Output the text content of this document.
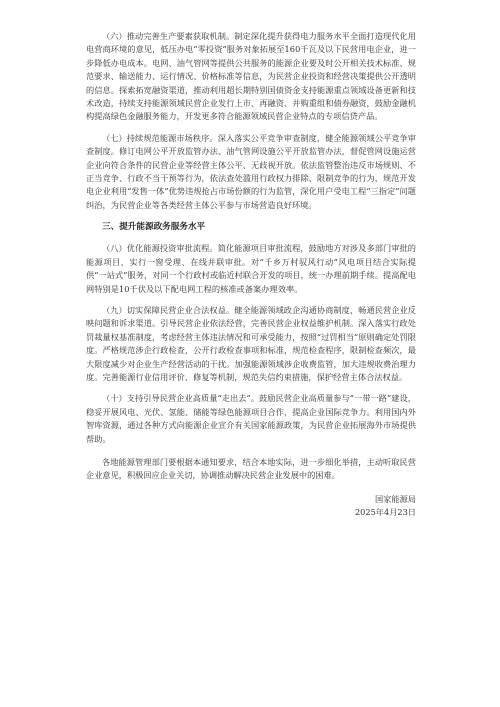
（六）推动完善生产要素获取机制。制定深化提升获得电力服务水平全面打造现代化用电营商环境的意见，低压办电“零投资”服务对象拓展至160千瓦及以下民营用电企业，进一步降低办电成本。电网、油气管网等提供公共服务的能源企业要及时公开相关技术标准、规范要求、输送能力、运行情况、价格标准等信息，为民营企业投资和经营决策提供公开透明的信息。探索拓宽融资渠道，推动利用超长期特别国债资金支持能源重点领域设备更新和技术改造，持续支持能源领域民营企业发行上市、再融资、并购重组和债券融资，鼓励金融机构提高绿色金融服务能力，开发更多符合能源领域民营企业特点的专项信贷产品。

（七）持续规范能源市场秩序。深入落实公平竞争审查制度，健全能源领域公平竞争审查制度。修订电网公平开放监管办法、油气管网设施公平开放监管办法，督促管网设施运营企业向符合条件的民营企业等经营主体公平、无歧视开放。依法监管整治违反市场规则、不正当竞争、行政不当干预等行为，依法查处滥用行政权力排除、限制竞争的行为，规范开发电企业利用“发售一体”优势违规抢占市场份额的行为监管，深化用户受电工程“三指定”问题纠治，为民营企业等各类经营主体公平参与市场营造良好环境。

三、提升能源政务服务水平

（八）优化能源投资审批流程。简化能源项目审批流程，鼓励地方对涉及多部门审批的能源项目，实行一窗受理、在线并联审批。对“千乡万村驭风行动”风电项目结合实际提供“一站式”服务，对同一个行政村或临近村联合开发的项目，统一办理前期手续。提高配电网特别是10千伏及以下配电网工程的核准或备案办理效率。

（九）切实保障民营企业合法权益。健全能源领域政企沟通协商制度，畅通民营企业反映问题和诉求渠道。引导民营企业依法经营，完善民营企业权益维护机制。深入落实行政处罚裁量权基准制度，考虑经营主体违法情况和可承受能力，按照“过罚相当”原则确定处罚限度。严格规范涉企行政检查，公开行政检查事项和标准，规范检查程序，限制检查频次，最大限度减少对企业生产经营活动的干扰。加强能源领域涉企收费监管，加大违规收费治理力度。完善能源行业信用评价、修复等机制，规范失信约束措施，保护经营主体合法权益。

（十）支持引导民营企业高质量“走出去”。鼓励民营企业高质量参与“一带一路”建设，稳妥开展风电、光伏、氢能、储能等绿色能源项目合作，提高企业国际竞争力。利用国内外智库资源，通过各种方式向能源企业宣介有关国家能源政策，为民营企业拓展海外市场提供帮助。

各地能源管理部门要根据本通知要求，结合本地实际，进一步细化举措，主动听取民营企业意见，积极回应企业关切，协调推动解决民营企业发展中的困难。

国家能源局
2025年4月23日
